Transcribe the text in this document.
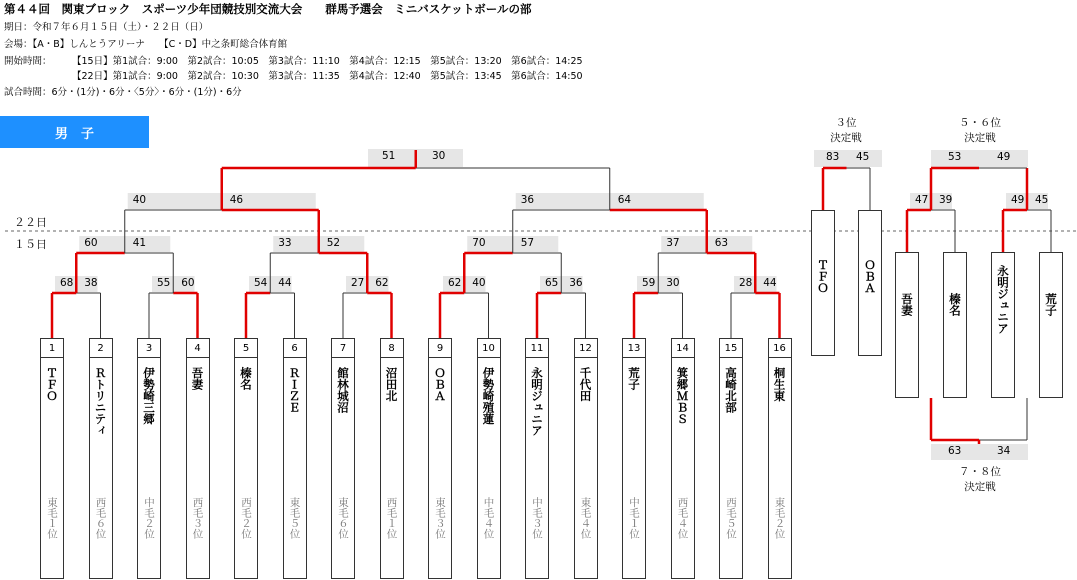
第４４回　関東ブロック　スポーツ少年団競技別交流大会　　群馬予選会　ミニバスケットボールの部
期日：令和７年６月１５日（土）・２２日（日）
会場：【A・B】しんとうアリーナ　　【C・D】中之条町総合体育館
開始時間： 【15日】第1試合：9:00　第2試合：10:05　第3試合：11:10　第4試合：12:15　第5試合：13:20　第6試合：14:25
【22日】第1試合：9:00　第2試合：10:30　第3試合：11:35　第4試合：12:40　第5試合：13:45　第6試合：14:50
試合時間：6分・(1分)・6分・〈5分〉・6分・(1分)・6分
男　子
２２日
１５日
1
ＴＦＯ
東毛１位
2
Ｒトリニティ
西毛６位
3
伊勢崎三郷
中毛２位
4
吾妻
西毛３位
5
榛名
西毛２位
6
ＲＩＺＥ
東毛５位
7
館林城沼
東毛６位
8
沼田北
西毛１位
9
ＯＢＡ
東毛３位
10
伊勢崎殖蓮
中毛４位
11
永明ジュニア
中毛３位
12
千代田
東毛４位
13
荒子
中毛１位
14
箕郷ＭＢＳ
西毛４位
15
高崎北部
西毛５位
16
桐生東
東毛２位
68 38	55 60	54 44	27 62	62 40	65 36	59 30	28 44
60	41	33	52	70	57	37	63
40	46	36	64
51	30	83 45
ＴＦＯ	ＯＢＡ
47 39	49 45
53	49
吾妻	榛名	永明ジュニア	荒子
63	34
３位
決定戦
５・６位
決定戦
７・８位
決定戦
